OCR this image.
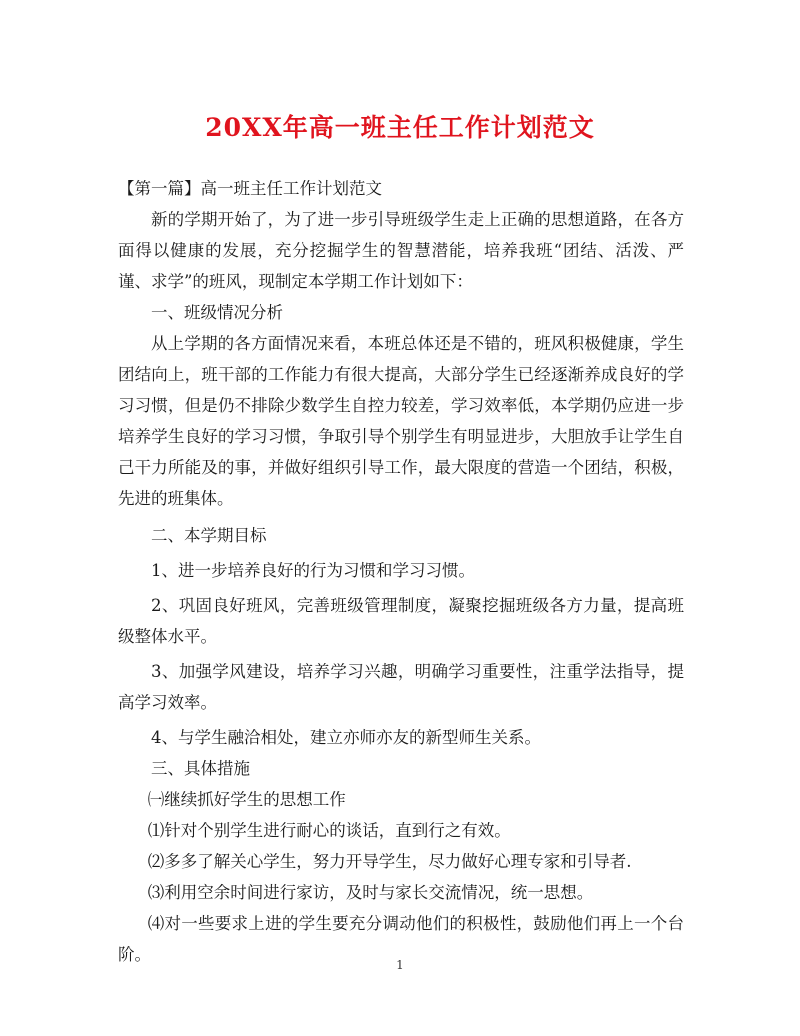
20XX年高一班主任工作计划范文

【第一篇】高一班主任工作计划范文

新的学期开始了，为了进一步引导班级学生走上正确的思想道路，在各方面得以健康的发展，充分挖掘学生的智慧潜能，培养我班“团结、活泼、严谨、求学”的班风，现制定本学期工作计划如下：

一、班级情况分析

从上学期的各方面情况来看，本班总体还是不错的，班风积极健康，学生团结向上，班干部的工作能力有很大提高，大部分学生已经逐渐养成良好的学习习惯，但是仍不排除少数学生自控力较差，学习效率低，本学期仍应进一步培养学生良好的学习习惯，争取引导个别学生有明显进步，大胆放手让学生自己干力所能及的事，并做好组织引导工作，最大限度的营造一个团结，积极，先进的班集体。

二、本学期目标

1、进一步培养良好的行为习惯和学习习惯。

2、巩固良好班风，完善班级管理制度，凝聚挖掘班级各方力量，提高班级整体水平。

3、加强学风建设，培养学习兴趣，明确学习重要性，注重学法指导，提高学习效率。

4、与学生融洽相处，建立亦师亦友的新型师生关系。

三、具体措施

㈠继续抓好学生的思想工作

⑴针对个别学生进行耐心的谈话，直到行之有效。

⑵多多了解关心学生，努力开导学生，尽力做好心理专家和引导者.

⑶利用空余时间进行家访，及时与家长交流情况，统一思想。

⑷对一些要求上进的学生要充分调动他们的积极性，鼓励他们再上一个台阶。

1
